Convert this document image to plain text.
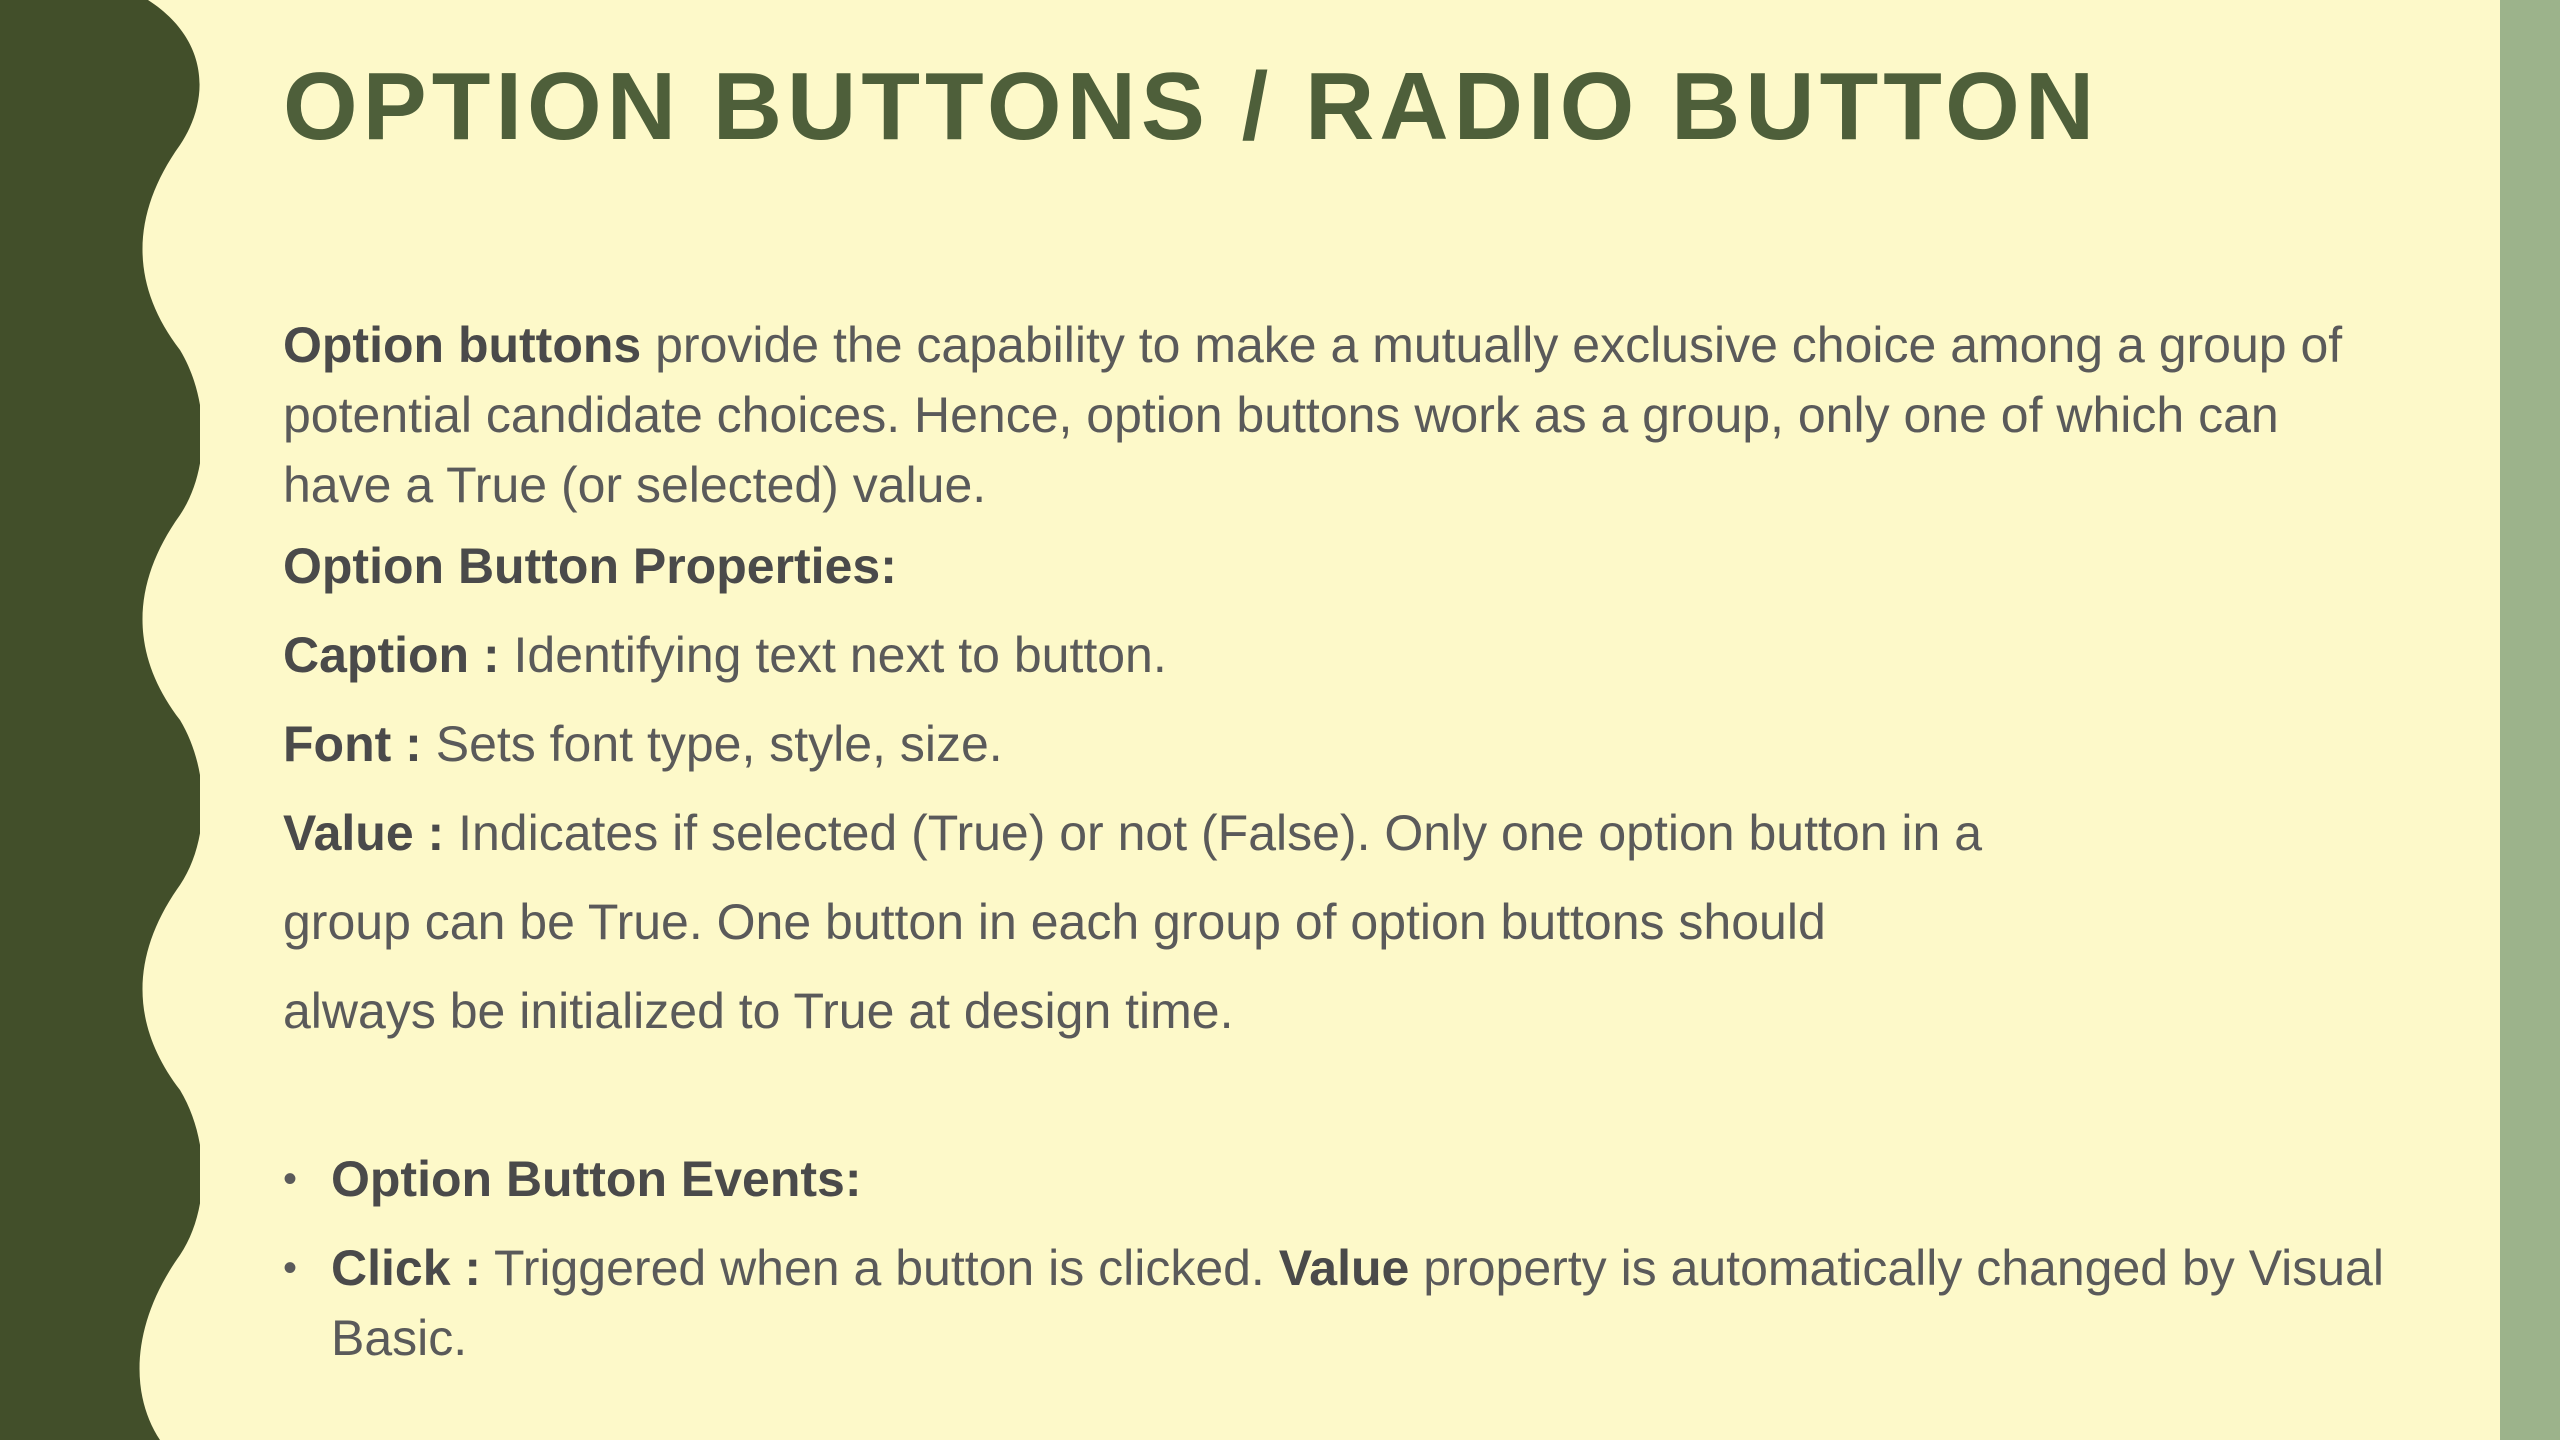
OPTION BUTTONS / RADIO BUTTON

Option buttons provide the capability to make a mutually exclusive choice among a group of potential candidate choices. Hence, option buttons work as a group, only one of which can have a True (or selected) value.

Option Button Properties:

Caption : Identifying text next to button.

Font : Sets font type, style, size.

Value : Indicates if selected (True) or not (False). Only one option button in a

group can be True. One button in each group of option buttons should

always be initialized to True at design time.

• Option Button Events:

• Click : Triggered when a button is clicked. Value property is automatically changed by Visual Basic.
